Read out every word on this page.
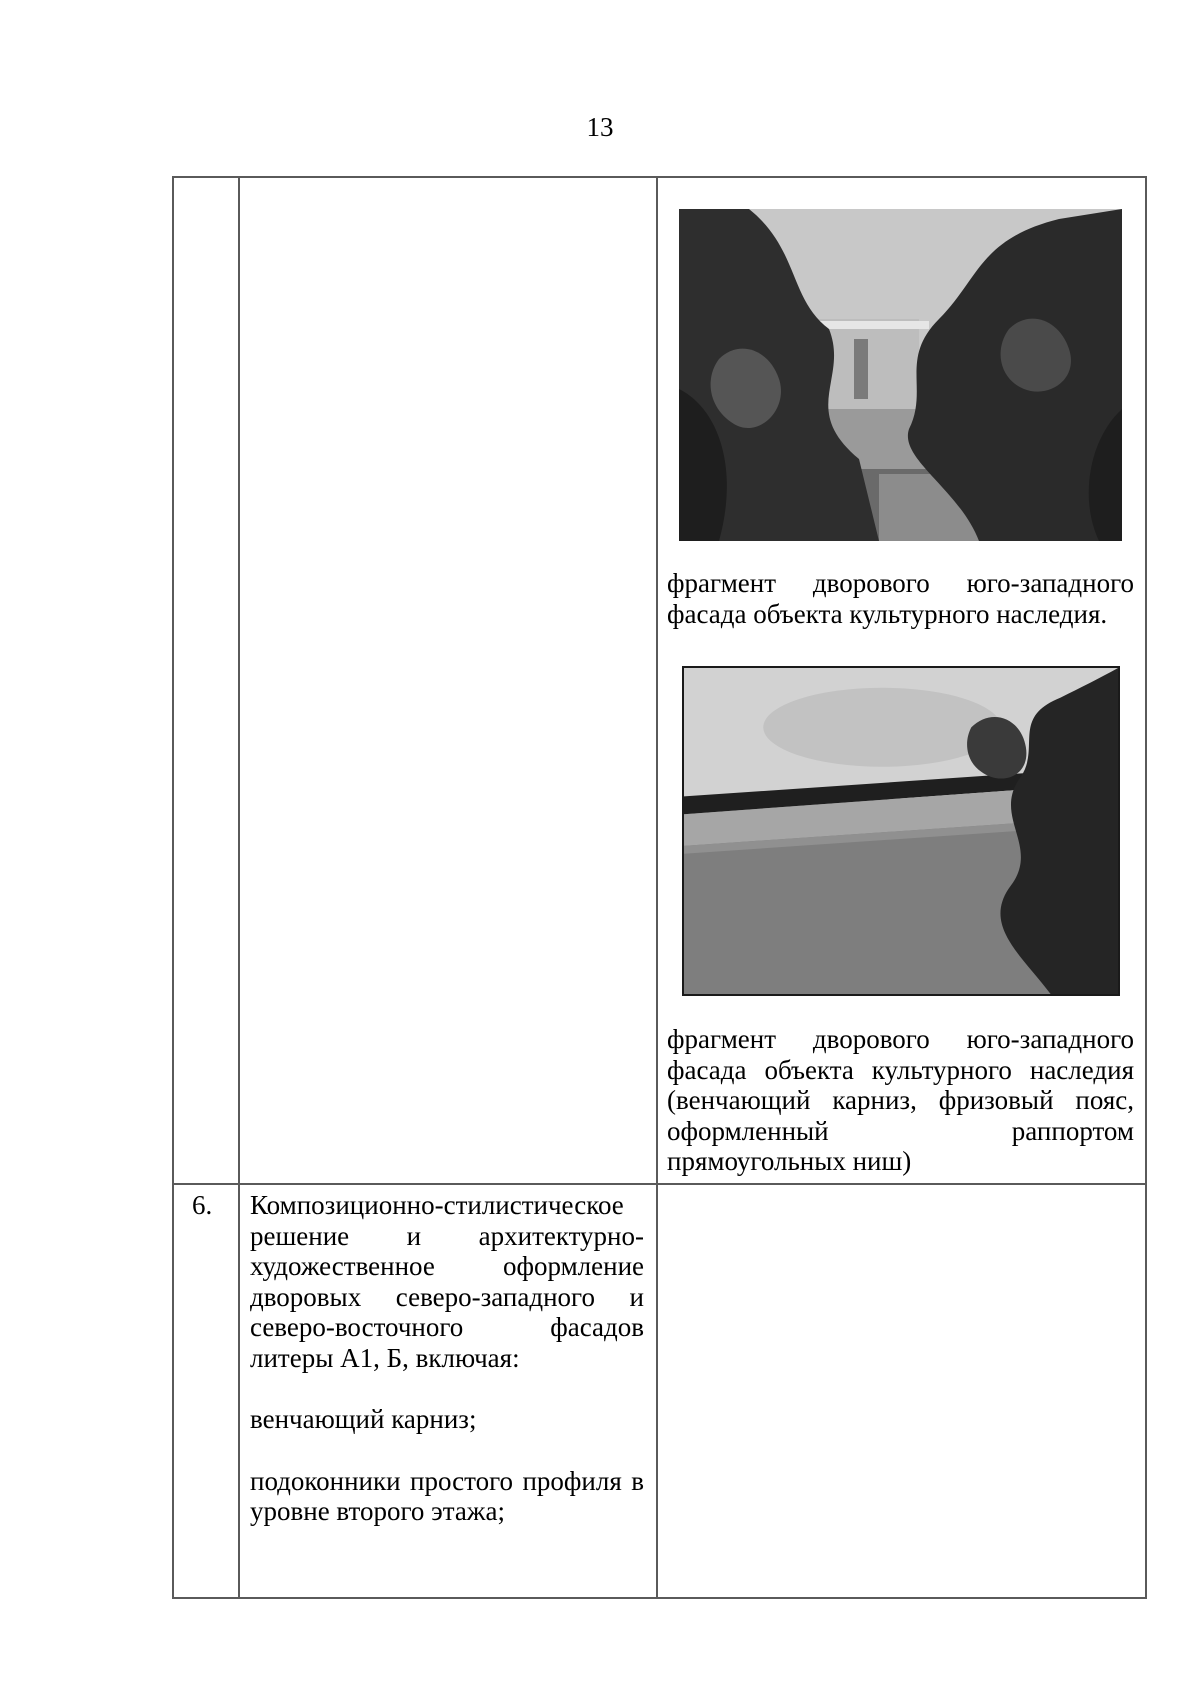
13

фрагмент дворового юго-западного фасада объекта культурного наследия.

фрагмент дворового юго-западного

фасада объекта культурного наследия

(венчающий карниз, фризовый пояс,

оформленный раппортом

прямоугольных ниш)

6. Композиционно-стилистическое решение и архитектурно-художественное оформление дворовых северо-западного и северо-восточного фасадов литеры А1, Б, включая:

венчающий карниз;

подоконники простого профиля в уровне второго этажа;
